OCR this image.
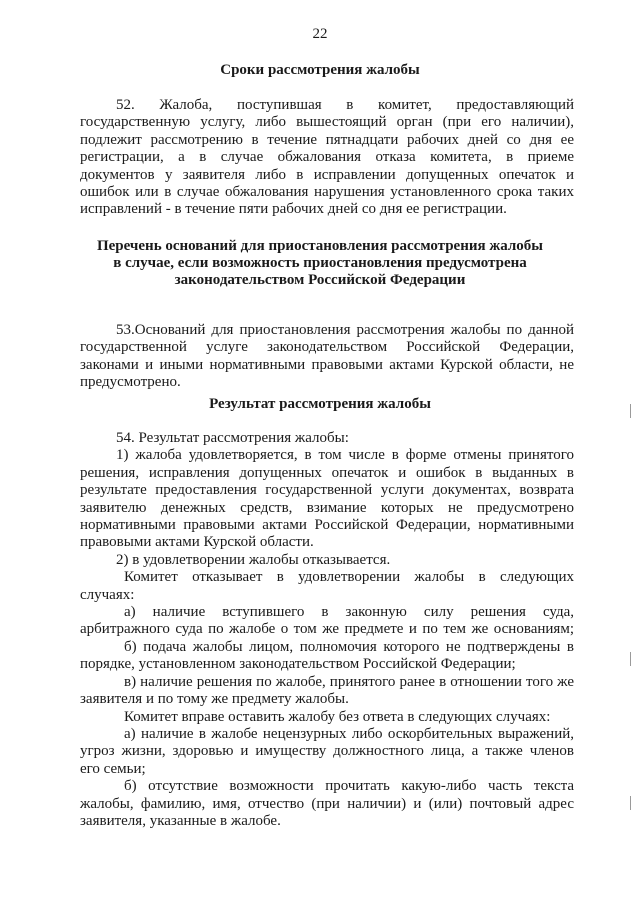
22
Сроки рассмотрения жалобы
52. Жалоба, поступившая в комитет, предоставляющий
государственную услугу, либо вышестоящий орган (при его наличии),
подлежит рассмотрению в течение пятнадцати рабочих дней со дня ее
регистрации, а в случае обжалования отказа комитета, в приеме
документов у заявителя либо в исправлении допущенных опечаток и
ошибок или в случае обжалования нарушения установленного срока таких
исправлений - в течение пяти рабочих дней со дня ее регистрации.
Перечень оснований для приостановления рассмотрения жалобы
в случае, если возможность приостановления предусмотрена
законодательством Российской Федерации
53.Оснований для приостановления рассмотрения жалобы по данной
государственной услуге законодательством Российской Федерации,
законами и иными нормативными правовыми актами Курской области, не
предусмотрено.
Результат рассмотрения жалобы
54. Результат рассмотрения жалобы:
1) жалоба удовлетворяется, в том числе в форме отмены принятого
решения, исправления допущенных опечаток и ошибок в выданных в
результате предоставления государственной услуги документах, возврата
заявителю денежных средств, взимание которых не предусмотрено
нормативными правовыми актами Российской Федерации, нормативными
правовыми актами Курской области.
2) в удовлетворении жалобы отказывается.
Комитет отказывает в удовлетворении жалобы в следующих
случаях:
а) наличие вступившего в законную силу решения суда,
арбитражного суда по жалобе о том же предмете и по тем же основаниям;
б) подача жалобы лицом, полномочия которого не подтверждены в
порядке, установленном законодательством Российской Федерации;
в) наличие решения по жалобе, принятого ранее в отношении того же
заявителя и по тому же предмету жалобы.
Комитет вправе оставить жалобу без ответа в следующих случаях:
а) наличие в жалобе нецензурных либо оскорбительных выражений,
угроз жизни, здоровью и имуществу должностного лица, а также членов
его семьи;
б) отсутствие возможности прочитать какую-либо часть текста
жалобы, фамилию, имя, отчество (при наличии) и (или) почтовый адрес
заявителя, указанные в жалобе.
